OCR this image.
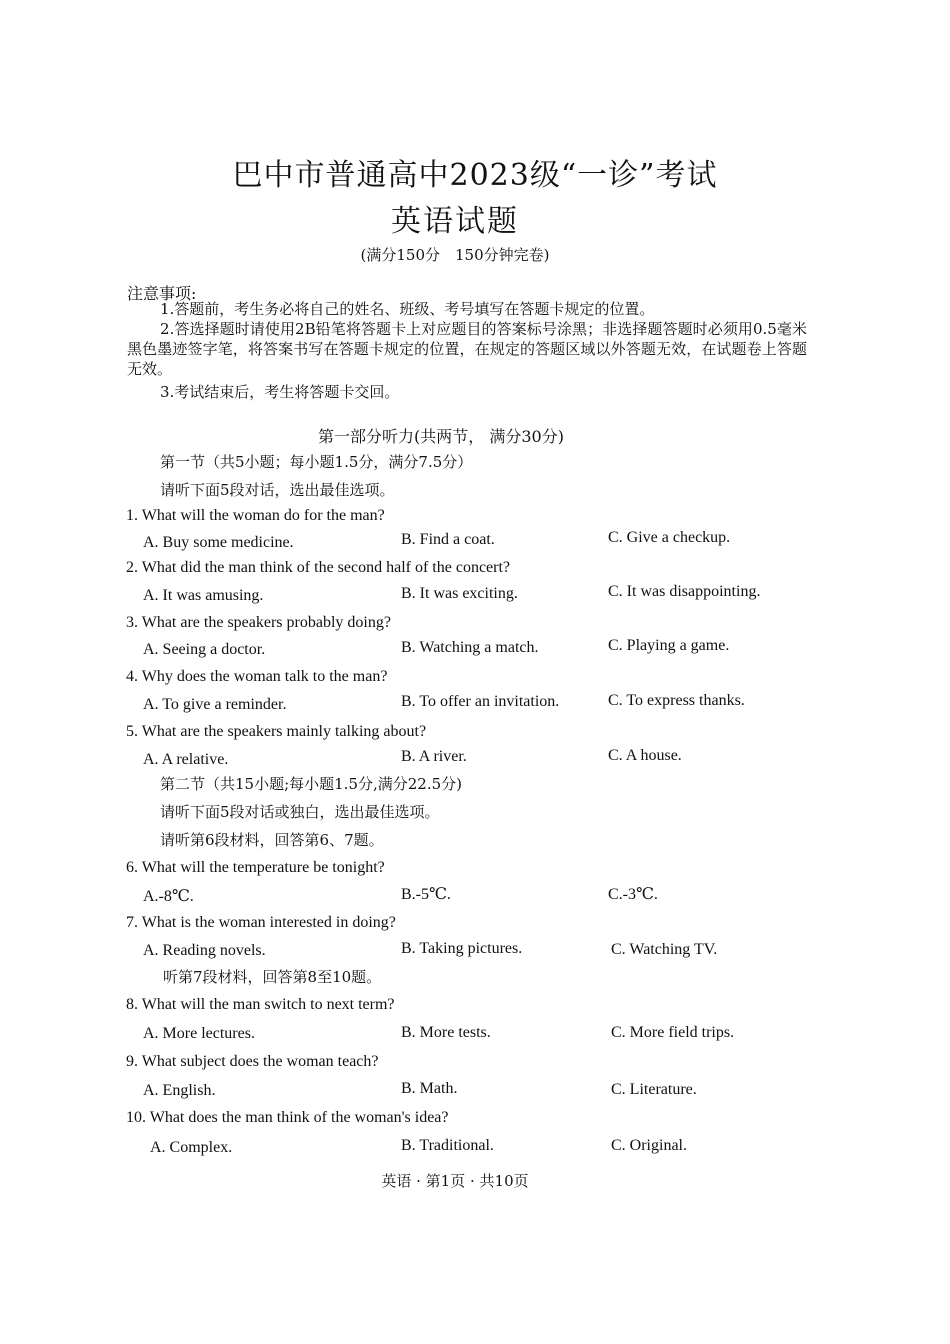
巴中市普通高中2023级“一诊”考试
英语试题
(满分150分　150分钟完卷)
注意事项:
1.答题前，考生务必将自己的姓名、班级、考号填写在答题卡规定的位置。
2.答选择题时请使用2B铅笔将答题卡上对应题目的答案标号涂黑；非选择题答题时必须用0.5毫米黑色墨迹签字笔，将答案书写在答题卡规定的位置，在规定的答题区域以外答题无效，在试题卷上答题无效。
3.考试结束后，考生将答题卡交回。
第一部分听力(共两节， 满分30分)
第一节（共5小题；每小题1.5分，满分7.5分）
请听下面5段对话，选出最佳选项。
1. What will the woman do for the man?
A. Buy some medicine.	B. Find a coat.	C. Give a checkup.
2. What did the man think of the second half of the concert?
A. It was amusing.	B. It was exciting.	C. It was disappointing.
3. What are the speakers probably doing?
A. Seeing a doctor.	B. Watching a match.	C. Playing a game.
4. Why does the woman talk to the man?
A. To give a reminder.	B. To offer an invitation.	C. To express thanks.
5. What are the speakers mainly talking about?
A. A relative.	B. A river.	C. A house.
第二节（共15小题;每小题1.5分,满分22.5分)
请听下面5段对话或独白，选出最佳选项。
请听第6段材料，回答第6、7题。
6. What will the temperature be tonight?
A.-8℃.	B.-5℃.	C.-3℃.
7. What is the woman interested in doing?
A. Reading novels.	B. Taking pictures.	C. Watching TV.
听第7段材料，回答第8至10题。
8. What will the man switch to next term?
A. More lectures.	B. More tests.	C. More field trips.
9. What subject does the woman teach?
A. English.	B. Math.	C. Literature.
10. What does the man think of the woman's idea?
A. Complex.	B. Traditional.	C. Original.
英语 · 第1页 · 共10页
